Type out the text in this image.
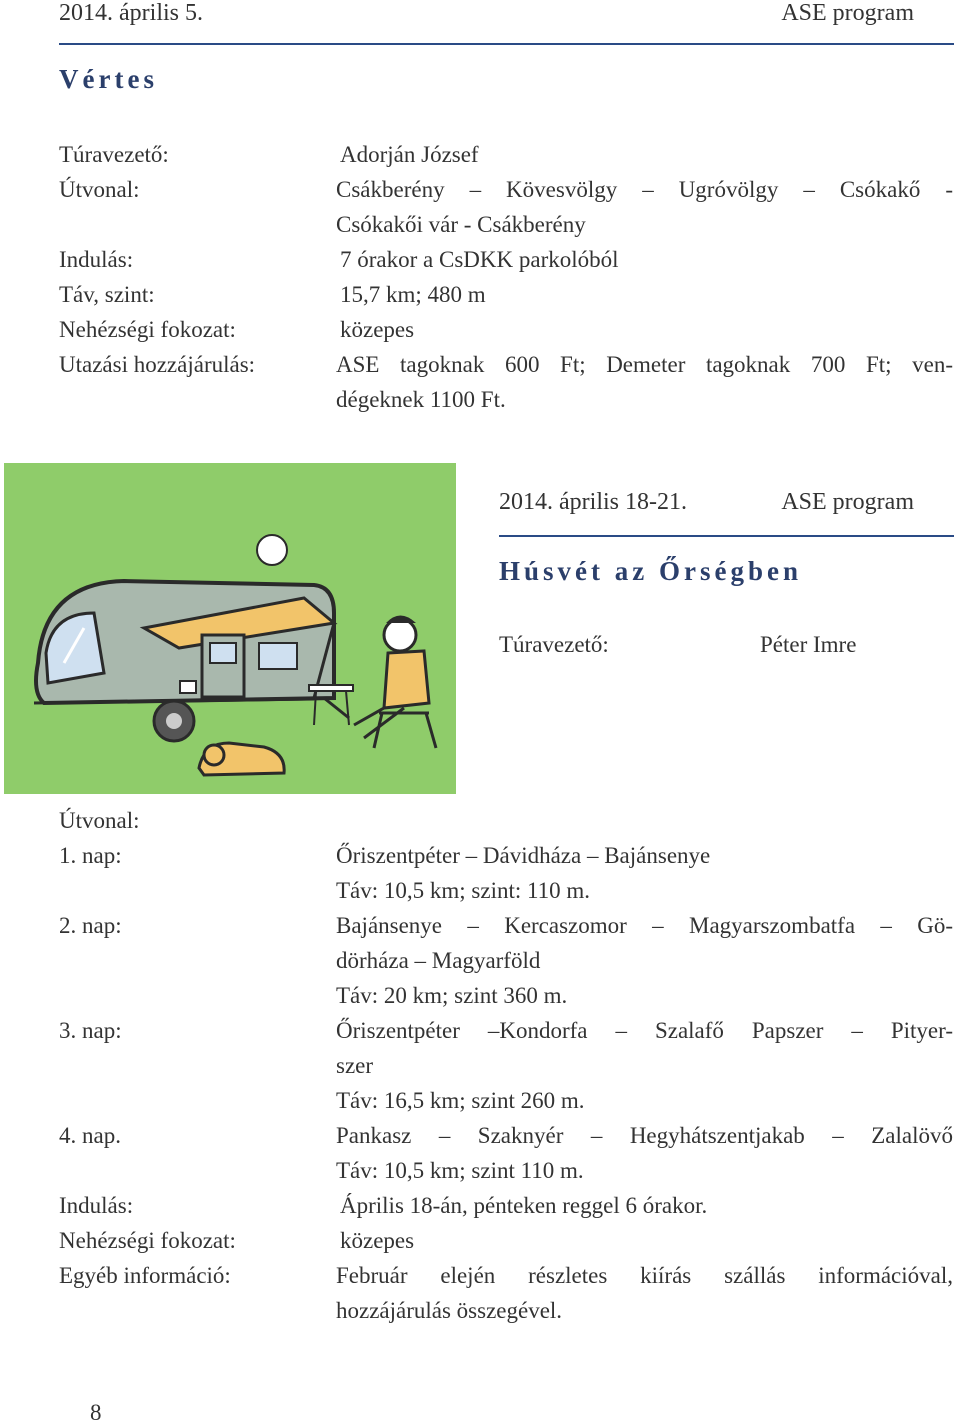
2014. április 5.	ASE program
Vértes
Túravezető:	Adorján József
Útvonal:	Csákberény – Kövesvölgy – Ugróvölgy – Csókakő -
Csókakői vár - Csákberény
Indulás:	7 órakor a CsDKK parkolóból
Táv, szint:	15,7 km; 480 m
Nehézségi fokozat:	közepes
Utazási hozzájárulás:	ASE tagoknak 600 Ft; Demeter tagoknak 700 Ft; ven-
dégeknek 1100 Ft.
2014. április 18-21.	ASE program
Húsvét az Őrségben
Túravezető:	Péter Imre
Útvonal:
1. nap:	Őriszentpéter – Dávidháza – Bajánsenye
Táv: 10,5 km; szint: 110 m.
2. nap:	Bajánsenye – Kercaszomor – Magyarszombatfa – Gö-
dörháza – Magyarföld
Táv: 20 km; szint 360 m.
3. nap:	Őriszentpéter –Kondorfa – Szalafő Papszer – Pityer-
szer
Táv: 16,5 km; szint 260 m.
4. nap.	Pankasz – Szaknyér – Hegyhátszentjakab – Zalalövő
Táv: 10,5 km; szint 110 m.
Indulás:	Április 18-án, pénteken reggel 6 órakor.
Nehézségi fokozat:	közepes
Egyéb információ:	Február elején részletes kiírás szállás információval,
hozzájárulás összegével.
8
